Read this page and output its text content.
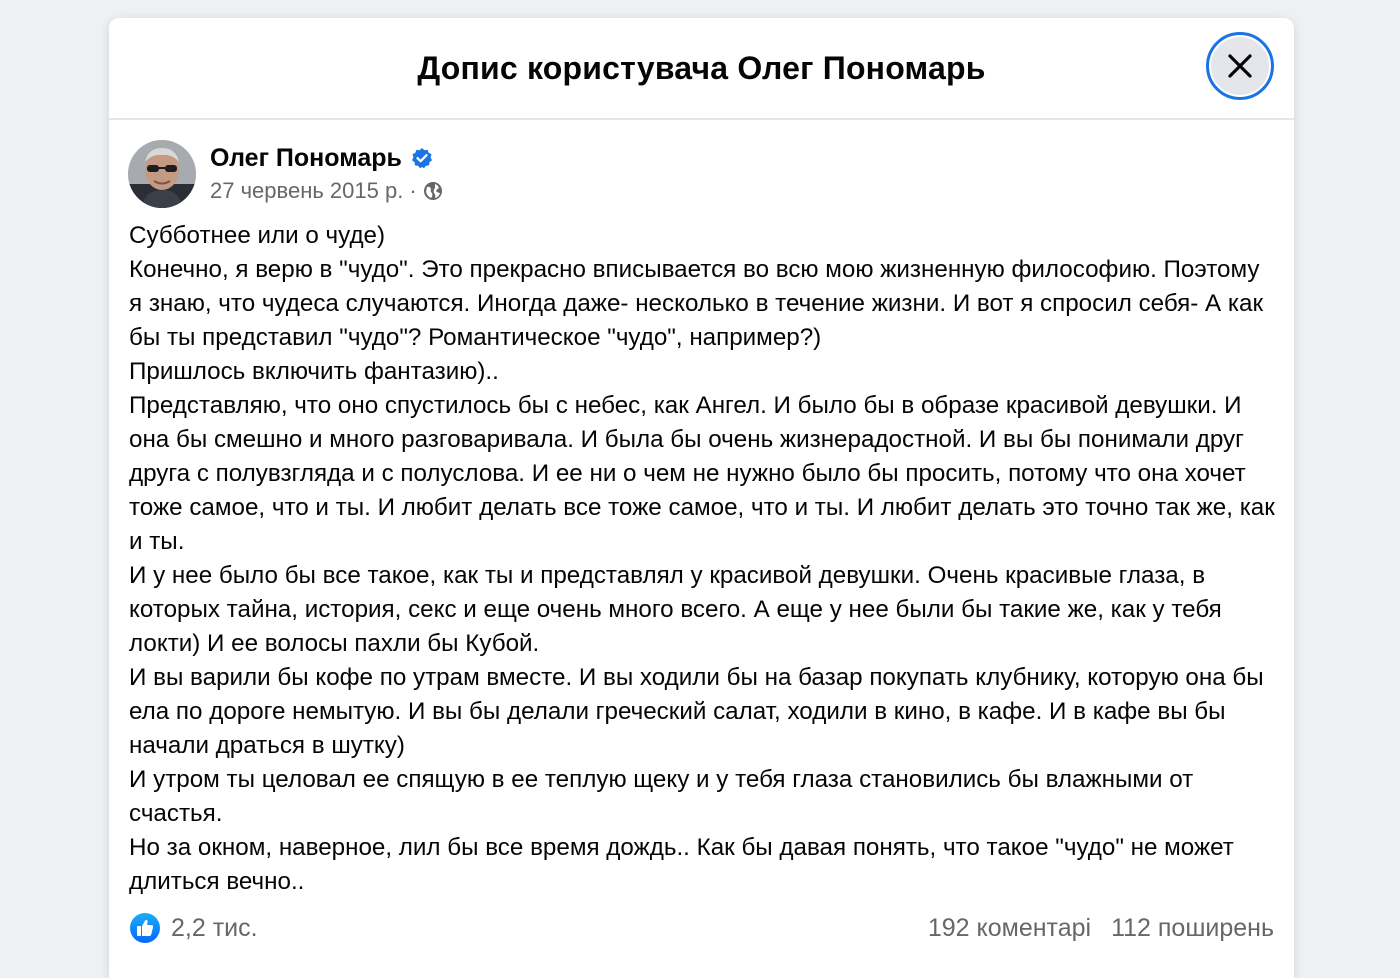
Допис користувача Олег Пономарь
Олег Пономарь
27 червень 2015 р. ·

Субботнее или о чуде)

Конечно, я верю в "чудо". Это прекрасно вписывается во всю мою жизненную философию. Поэтому я знаю, что чудеса случаются. Иногда даже- несколько в течение жизни. И вот я спросил себя- А как бы ты представил "чудо"? Романтическое "чудо", например?)

Пришлось включить фантазию)..

Представляю, что оно спустилось бы с небес, как Ангел. И было бы в образе красивой девушки. И она бы смешно и много разговаривала. И была бы очень жизнерадостной. И вы бы понимали друг друга с полувзгляда и с полуслова. И ее ни о чем не нужно было бы просить, потому что она хочет тоже самое, что и ты. И любит делать все тоже самое, что и ты. И любит делать это точно так же, как и ты.

И у нее было бы все такое, как ты и представлял у красивой девушки. Очень красивые глаза, в которых тайна, история, секс и еще очень много всего. А еще у нее были бы такие же, как у тебя локти) И ее волосы пахли бы Кубой.

И вы варили бы кофе по утрам вместе. И вы ходили бы на базар покупать клубнику, которую она бы ела по дороге немытую. И вы бы делали греческий салат, ходили в кино, в кафе. И в кафе вы бы начали драться в шутку)

И утром ты целовал ее спящую в ее теплую щеку и у тебя глаза становились бы влажными от счастья.

Но за окном, наверное, лил бы все время дождь.. Как бы давая понять, что такое "чудо" не может длиться вечно..

2,2 тис.	192 коментарі 112 поширень
